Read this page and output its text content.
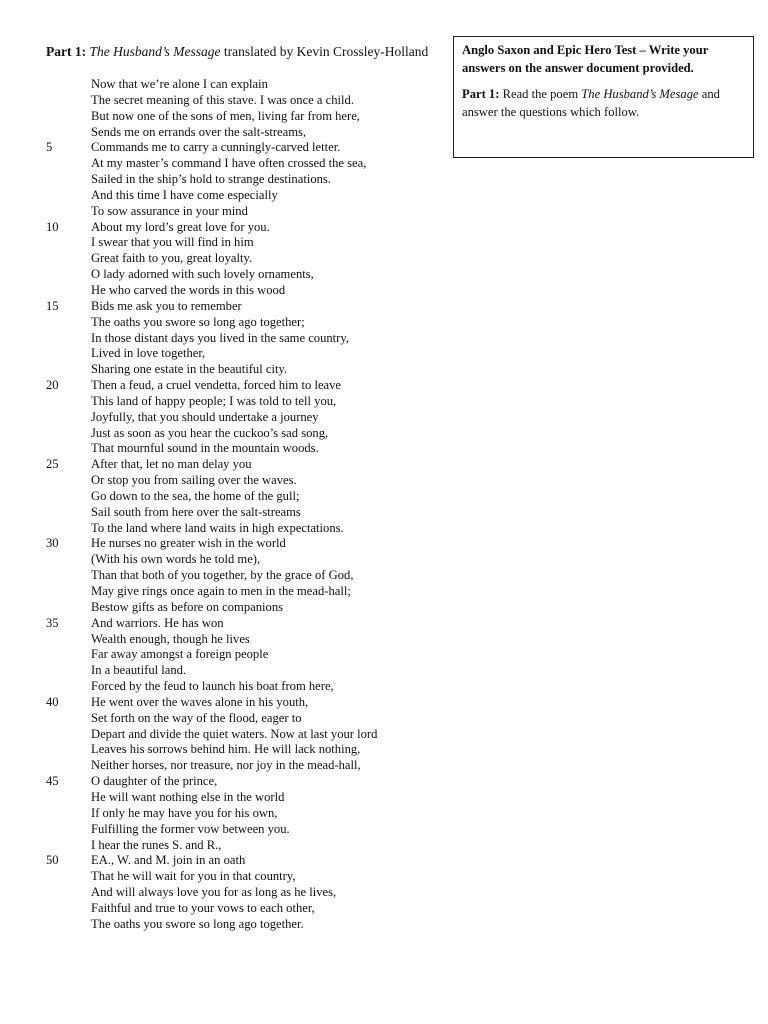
Part 1: The Husband’s Message translated by Kevin Crossley-Holland
Now that we’re alone I can explain
The secret meaning of this stave. I was once a child.
But now one of the sons of men, living far from here,
Sends me on errands over the salt-streams,
5	Commands me to carry a cunningly-carved letter.
At my master’s command I have often crossed the sea,
Sailed in the ship’s hold to strange destinations.
And this time I have come especially
To sow assurance in your mind
10	About my lord’s great love for you.
I swear that you will find in him
Great faith to you, great loyalty.
O lady adorned with such lovely ornaments,
He who carved the words in this wood
15	Bids me ask you to remember
The oaths you swore so long ago together;
In those distant days you lived in the same country,
Lived in love together,
Sharing one estate in the beautiful city.
20	Then a feud, a cruel vendetta, forced him to leave
This land of happy people; I was told to tell you,
Joyfully, that you should undertake a journey
Just as soon as you hear the cuckoo’s sad song,
That mournful sound in the mountain woods.
25	After that, let no man delay you
Or stop you from sailing over the waves.
Go down to the sea, the home of the gull;
Sail south from here over the salt-streams
To the land where land waits in high expectations.
30	He nurses no greater wish in the world
(With his own words he told me),
Than that both of you together, by the grace of God,
May give rings once again to men in the mead-hall;
Bestow gifts as before on companions
35	And warriors. He has won
Wealth enough, though he lives
Far away amongst a foreign people
In a beautiful land.
Forced by the feud to launch his boat from here,
40	He went over the waves alone in his youth,
Set forth on the way of the flood, eager to
Depart and divide the quiet waters. Now at last your lord
Leaves his sorrows behind him. He will lack nothing,
Neither horses, nor treasure, nor joy in the mead-hall,
45	O daughter of the prince,
He will want nothing else in the world
If only he may have you for his own,
Fulfilling the former vow between you.
I hear the runes S. and R.,
50	EA., W. and M. join in an oath
That he will wait for you in that country,
And will always love you for as long as he lives,
Faithful and true to your vows to each other,
The oaths you swore so long ago together.
Anglo Saxon and Epic Hero Test – Write your answers on the answer document provided.
Part 1: Read the poem The Husband’s Mesage and answer the questions which follow.
